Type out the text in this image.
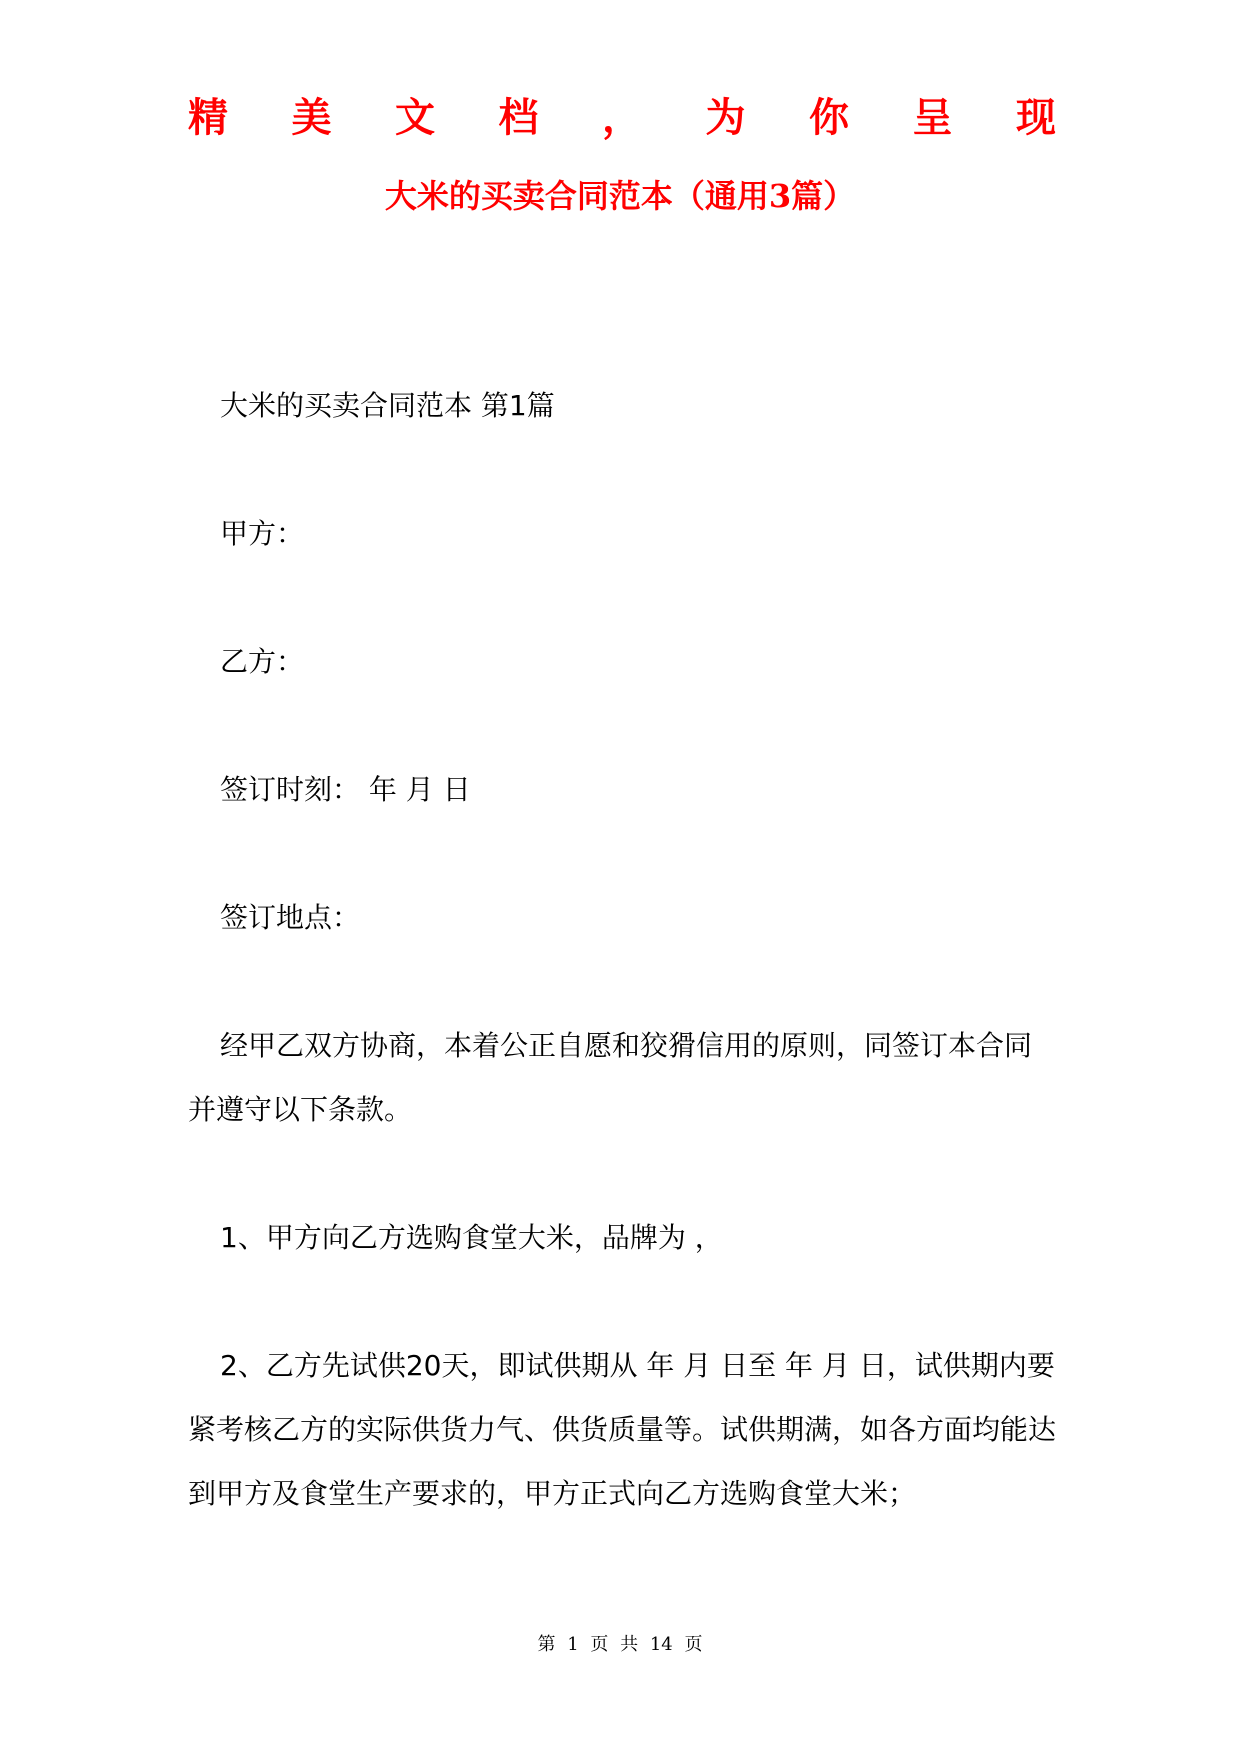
精 美 文 档 ， 为 你 呈 现
大米的买卖合同范本（通用3篇）
大米的买卖合同范本 第1篇
甲方：
乙方：
签订时刻： 年 月 日
签订地点：
经甲乙双方协商，本着公正自愿和狡猾信用的原则，同签订本合同并遵守以下条款。
1、甲方向乙方选购食堂大米，品牌为 ，
2、乙方先试供20天，即试供期从 年 月 日至 年 月 日，试供期内要紧考核乙方的实际供货力气、供货质量等。试供期满，如各方面均能达到甲方及食堂生产要求的，甲方正式向乙方选购食堂大米；
第 1 页 共 14 页
